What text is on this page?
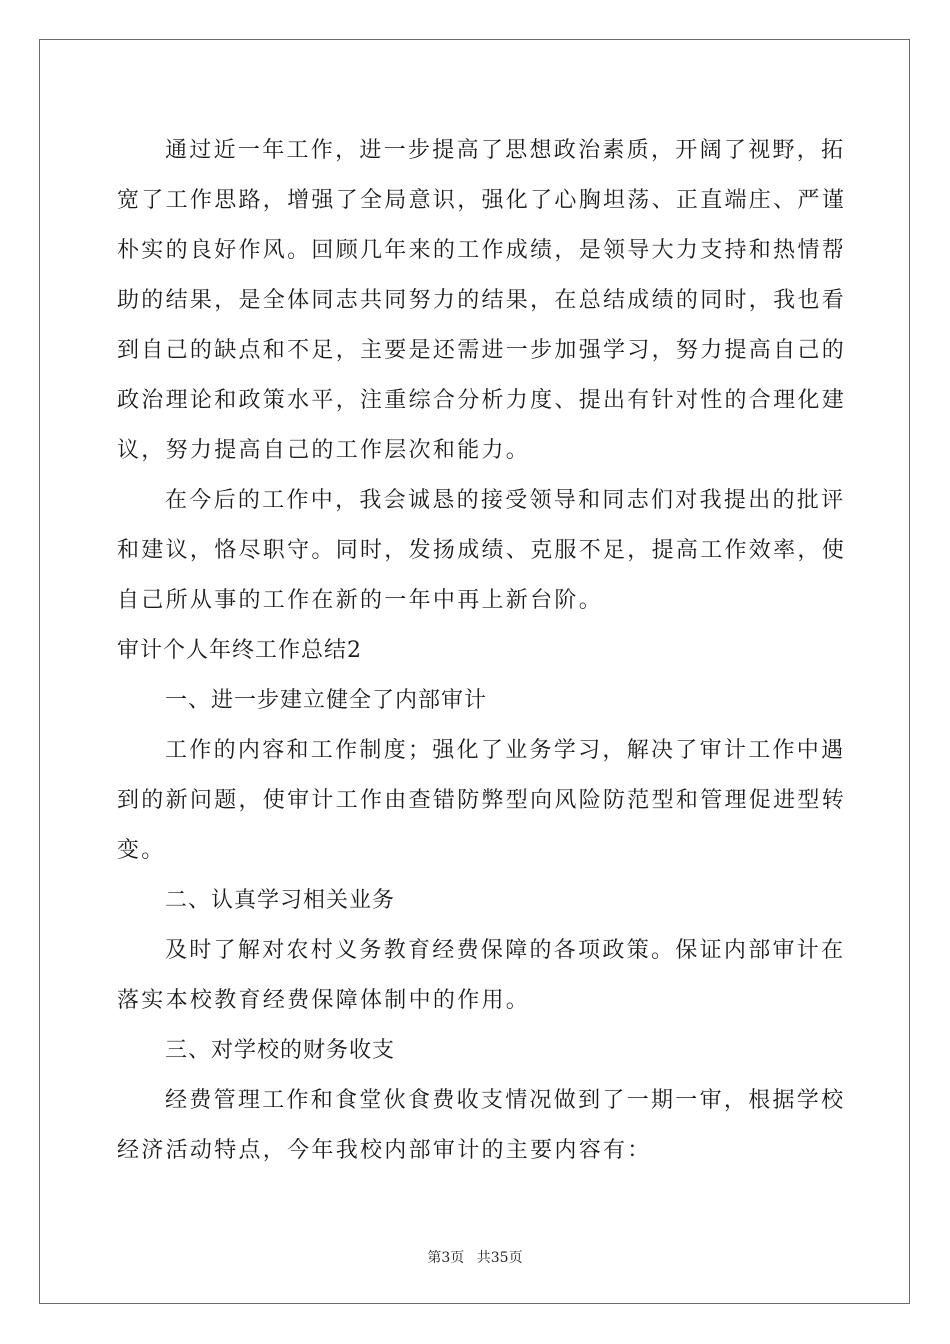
通过近一年工作，进一步提高了思想政治素质，开阔了视野，拓
宽了工作思路，增强了全局意识，强化了心胸坦荡、正直端庄、严谨
朴实的良好作风。回顾几年来的工作成绩，是领导大力支持和热情帮
助的结果，是全体同志共同努力的结果，在总结成绩的同时，我也看
到自己的缺点和不足，主要是还需进一步加强学习，努力提高自己的
政治理论和政策水平，注重综合分析力度、提出有针对性的合理化建
议，努力提高自己的工作层次和能力。
在今后的工作中，我会诚恳的接受领导和同志们对我提出的批评
和建议，恪尽职守。同时，发扬成绩、克服不足，提高工作效率，使
自己所从事的工作在新的一年中再上新台阶。
审计个人年终工作总结2
一、进一步建立健全了内部审计
工作的内容和工作制度；强化了业务学习，解决了审计工作中遇
到的新问题，使审计工作由查错防弊型向风险防范型和管理促进型转
变。
二、认真学习相关业务
及时了解对农村义务教育经费保障的各项政策。保证内部审计在
落实本校教育经费保障体制中的作用。
三、对学校的财务收支
经费管理工作和食堂伙食费收支情况做到了一期一审，根据学校
经济活动特点，今年我校内部审计的主要内容有：
第3页 共35页
